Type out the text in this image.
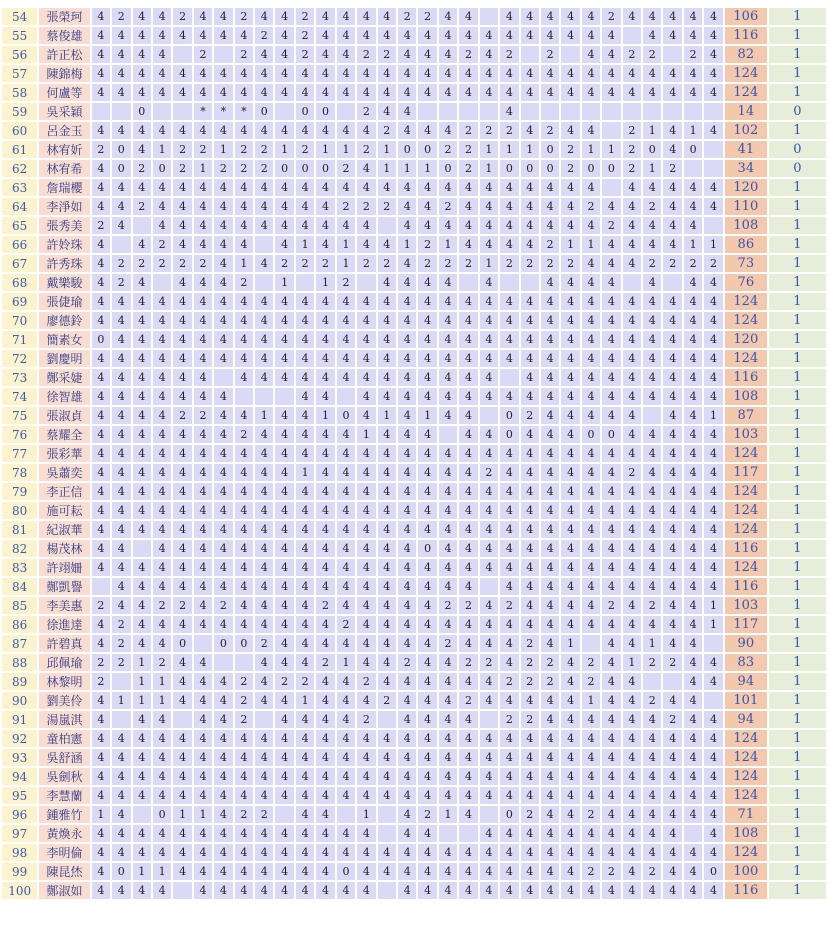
54	張榮珂	4	2	4	4	2	4	4	2	4	4	2	4	4	4	4	2	2	4	4		4	4	4	4	4	2	4	4	4	4	4	106	1
55	蔡俊雄	4	4	4	4	4	4	4	4	2	4	2	4	4	4	4	4	4	4	4	4	4	4	4	4	4	4		4	4	4	4	116	1
56	許正松	4	4	4	4		2		2	4	4	2	4	4	2	2	4	4	4	2	4	2		2		4	4	2	2		2	4	82	1
57	陳錦梅	4	4	4	4	4	4	4	4	4	4	4	4	4	4	4	4	4	4	4	4	4	4	4	4	4	4	4	4	4	4	4	124	1
58	何盧等	4	4	4	4	4	4	4	4	4	4	4	4	4	4	4	4	4	4	4	4	4	4	4	4	4	4	4	4	4	4	4	124	1
59	吳采穎			0			*	*	*	0		0	0		2	4	4					4											14	0
60	呂金玉	4	4	4	4	4	4	4	4	4	4	4	4	4	4	2	4	4	4	2	2	2	4	2	4	4		2	1	4	1	4	102	1
61	林宥妡	2	0	4	1	2	2	1	2	2	1	2	1	1	2	1	0	0	2	2	1	1	1	0	2	1	1	2	0	4	0		41	0
62	林宥希	4	0	2	0	2	1	2	2	2	0	0	0	2	4	1	1	1	0	2	1	0	0	0	2	0	0	2	1	2			34	0
63	詹瑞櫻	4	4	4	4	4	4	4	4	4	4	4	4	4	4	4	4	4	4	4	4	4	4	4	4	4		4	4	4	4	4	120	1
64	李淨如	4	4	2	4	4	4	4	4	4	4	4	4	2	2	2	4	4	2	4	4	4	4	4	4	2	4	4	2	4	4	4	110	1
65	張秀美	2	4		4	4	4	4	4	4	4	4	4	4	4		4	4	4	4	4	4	4	4	4	4	2	4	4	4	4		108	1
66	許姈珠	4		4	2	4	4	4	4		4	1	4	1	4	4	1	2	1	4	4	4	4	2	1	1	4	4	4	4	1	1	86	1
67	許秀珠	4	2	2	2	2	2	4	1	4	2	2	2	1	2	2	4	2	2	2	1	2	2	2	2	4	4	4	2	2	2	2	73	1
68	戴樂駿	4	2	4		4	4	4	2		1		1	2		4	4	4	4		4			4	4	4	4		4		4	4	76	1
69	張倢瑜	4	4	4	4	4	4	4	4	4	4	4	4	4	4	4	4	4	4	4	4	4	4	4	4	4	4	4	4	4	4	4	124	1
70	廖德鈴	4	4	4	4	4	4	4	4	4	4	4	4	4	4	4	4	4	4	4	4	4	4	4	4	4	4	4	4	4	4	4	124	1
71	簡素女	0	4	4	4	4	4	4	4	4	4	4	4	4	4	4	4	4	4	4	4	4	4	4	4	4	4	4	4	4	4	4	120	1
72	劉慶明	4	4	4	4	4	4	4	4	4	4	4	4	4	4	4	4	4	4	4	4	4	4	4	4	4	4	4	4	4	4	4	124	1
73	鄭采婕	4	4	4	4	4	4		4	4	4	4	4	4	4	4	4	4	4	4	4		4	4	4	4	4	4	4	4	4	4	116	1
74	徐智雄	4	4	4	4	4	4	4				4	4		4	4	4	4	4	4	4	4	4	4	4	4	4	4	4	4	4	4	108	1
75	張淑貞	4	4	4	4	2	2	4	4	1	4	4	1	0	4	1	4	1	4	4		0	2	4	4	4	4	4		4	4	1	87	1
76	蔡耀全	4	4	4	4	4	4	4	2	4	4	4	4	4	1	4	4	4		4	4	0	4	4	4	0	0	4	4	4	4	4	103	1
77	張彩華	4	4	4	4	4	4	4	4	4	4	4	4	4	4	4	4	4	4	4	4	4	4	4	4	4	4	4	4	4	4	4	124	1
78	吳蕭奕	4	4	4	4	4	4	4	4	4	4	1	4	4	4	4	4	4	4	4	2	4	4	4	4	4	4	2	4	4	4	4	117	1
79	李正信	4	4	4	4	4	4	4	4	4	4	4	4	4	4	4	4	4	4	4	4	4	4	4	4	4	4	4	4	4	4	4	124	1
80	施可耘	4	4	4	4	4	4	4	4	4	4	4	4	4	4	4	4	4	4	4	4	4	4	4	4	4	4	4	4	4	4	4	124	1
81	紀淑華	4	4	4	4	4	4	4	4	4	4	4	4	4	4	4	4	4	4	4	4	4	4	4	4	4	4	4	4	4	4	4	124	1
82	楊茂林	4	4		4	4	4	4	4	4	4	4	4	4	4	4	4	0	4	4	4	4	4	4	4	4	4	4	4	4	4	4	116	1
83	許翊姍	4	4	4	4	4	4	4	4	4	4	4	4	4	4	4	4	4	4	4	4	4	4	4	4	4	4	4	4	4	4	4	124	1
84	鄭凱譽		4	4	4	4	4	4	4	4	4	4	4	4	4	4	4	4	4	4		4	4	4	4	4	4	4	4	4	4	4	116	1
85	李美惠	2	4	4	2	2	4	2	4	4	4	4	2	4	4	4	4	4	2	2	4	2	4	4	4	4	2	4	2	4	4	1	103	1
86	徐進達	4	2	4	4	4	4	4	4	4	4	4	4	2	4	4	4	4	4	4	4	4	4	4	4	4	4	4	4	4	4	1	117	1
87	許碧真	4	2	4	4	0		0	0	2	4	4	4	4	4	4	4	4	2	4	4	4	2	4	1		4	4	1	4	4		90	1
88	邱佩瑜	2	2	1	2	4	4			4	4	4	2	1	4	4	2	4	4	2	2	4	2	2	4	2	4	1	2	2	4	4	83	1
89	林黎明	2		1	1	4	4	4	2	4	2	2	4	4	2	4	4	4	4	4	4	2	2	2	4	2	4	4			4	4	94	1
90	劉美伶	4	1	1	1	4	4	4	2	4	4	1	4	4	4	2	4	4	4	2	4	4	4	4	4	1	4	4	2	4	4		101	1
91	湯嵐淇	4		4	4		4	4	2		4	4	4	4	2		4	4	4	4		2	2	4	4	4	4	4	4	2	4	4	94	1
92	童柏憲	4	4	4	4	4	4	4	4	4	4	4	4	4	4	4	4	4	4	4	4	4	4	4	4	4	4	4	4	4	4	4	124	1
93	吳舒涵	4	4	4	4	4	4	4	4	4	4	4	4	4	4	4	4	4	4	4	4	4	4	4	4	4	4	4	4	4	4	4	124	1
94	吳劍秋	4	4	4	4	4	4	4	4	4	4	4	4	4	4	4	4	4	4	4	4	4	4	4	4	4	4	4	4	4	4	4	124	1
95	李慧蘭	4	4	4	4	4	4	4	4	4	4	4	4	4	4	4	4	4	4	4	4	4	4	4	4	4	4	4	4	4	4	4	124	1
96	鍾雅竹	1	4		0	1	1	4	2	2		4	4		1		4	2	1	4		0	2	4	4	2	4	4	4	4	4	4	71	1
97	黃煥永	4	4	4	4	4	4	4	4	4	4	4	4	4	4		4	4			4	4	4	4	4	4	4	4	4	4		4	108	1
98	李明倫	4	4	4	4	4	4	4	4	4	4	4	4	4	4	4	4	4	4	4	4	4	4	4	4	4	4	4	4	4	4	4	124	1
99	陳昆烋	4	0	1	1	4	4	4	4	4	4	4	4	0	4	4	4	4	4	4	4	4	4	4	4	2	2	4	2	4	4	0	100	1
100	鄭淑如	4	4	4	4		4	4	4	4	4	4	4	4	4		4	4	4	4	4	4	4	4	4	4	4	4	4	4	4	4	116	1
